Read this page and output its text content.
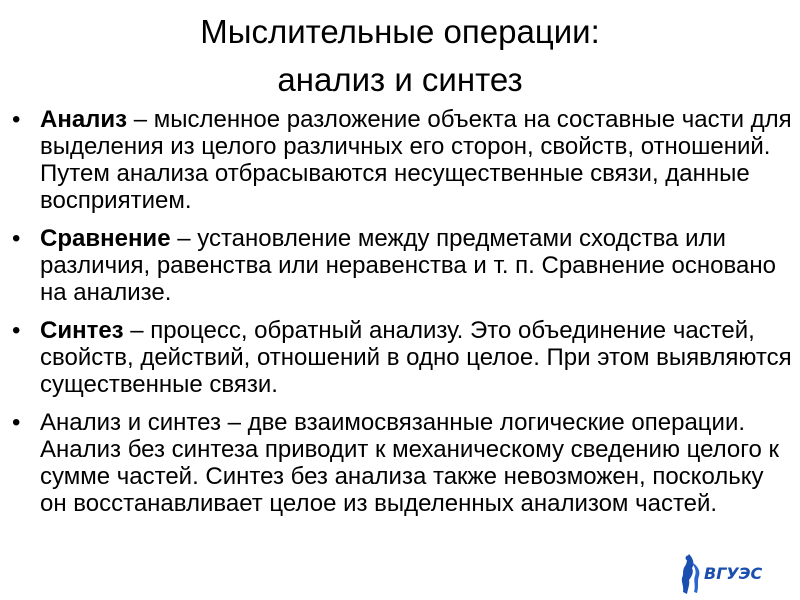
Мыслительные операции:
анализ и синтез
• Анализ – мысленное разложение объекта на составные части для выделения из целого различных его сторон, свойств, отношений. Путем анализа отбрасываются несущественные связи, данные восприятием.
• Сравнение – установление между предметами сходства или различия, равенства или неравенства и т. п. Сравнение основано на анализе.
• Синтез – процесс, обратный анализу. Это объединение частей, свойств, действий, отношений в одно целое. При этом выявляются существенные связи.
• Анализ и синтез – две взаимосвязанные логические операции. Анализ без синтеза приводит к механическому сведению целого к сумме частей. Синтез без анализа также невозможен, поскольку он восстанавливает целое из выделенных анализом частей.
ВГУЭС
